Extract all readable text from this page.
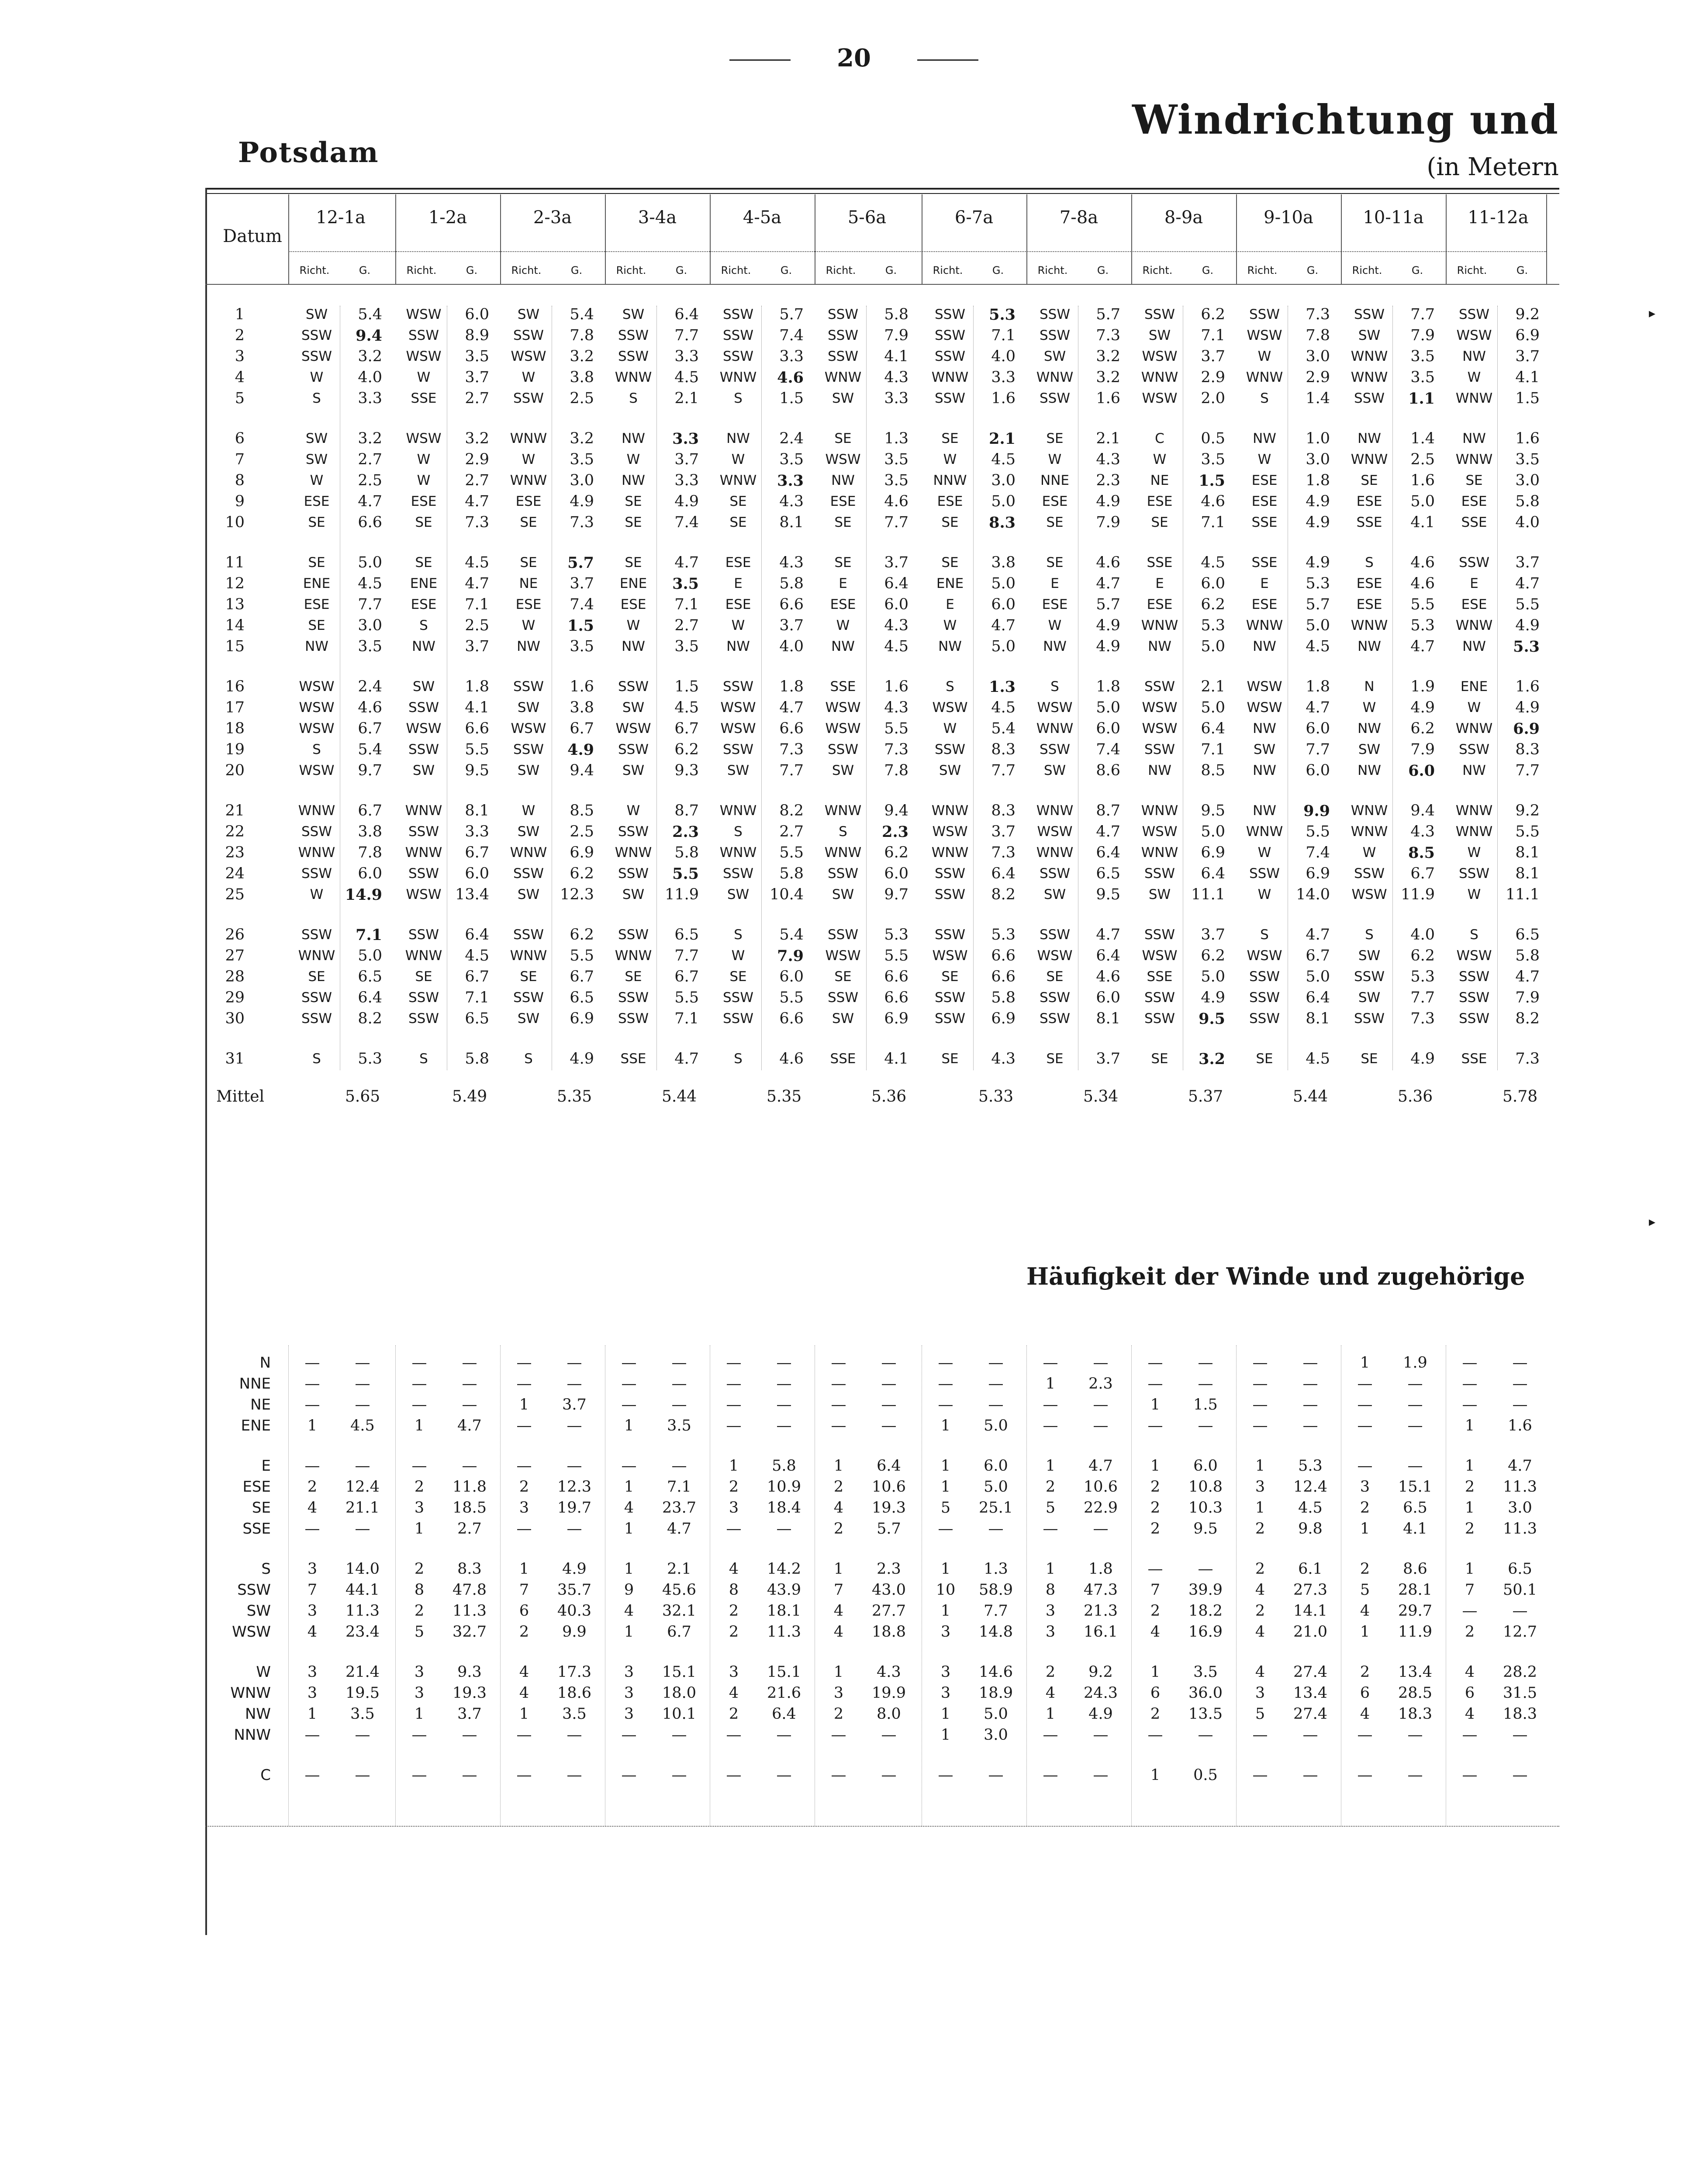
20
Potsdam
Windrichtung und
(in Metern
Datum
12-1a
Richt.	G.
1-2a
Richt.	G.
2-3a
Richt.	G.
3-4a
Richt.	G.
4-5a
Richt.	G.
5-6a
Richt.	G.
6-7a
Richt.	G.
7-8a
Richt.	G.
8-9a
Richt.	G.
9-10a
Richt.	G.
10-11a
Richt.	G.
11-12a
Richt.	G.
1	SW	5.4	WSW	6.0	SW	5.4	SW	6.4	SSW	5.7	SSW	5.8	SSW	5.3	SSW	5.7	SSW	6.2	SSW	7.3	SSW	7.7	SSW	9.2
2	SSW	9.4	SSW	8.9	SSW	7.8	SSW	7.7	SSW	7.4	SSW	7.9	SSW	7.1	SSW	7.3	SW	7.1	WSW	7.8	SW	7.9	WSW	6.9
3	SSW	3.2	WSW	3.5	WSW	3.2	SSW	3.3	SSW	3.3	SSW	4.1	SSW	4.0	SW	3.2	WSW	3.7	W	3.0	WNW	3.5	NW	3.7
4	W	4.0	W	3.7	W	3.8	WNW	4.5	WNW	4.6	WNW	4.3	WNW	3.3	WNW	3.2	WNW	2.9	WNW	2.9	WNW	3.5	W	4.1
5	S	3.3	SSE	2.7	SSW	2.5	S	2.1	S	1.5	SW	3.3	SSW	1.6	SSW	1.6	WSW	2.0	S	1.4	SSW	1.1	WNW	1.5
6	SW	3.2	WSW	3.2	WNW	3.2	NW	3.3	NW	2.4	SE	1.3	SE	2.1	SE	2.1	C	0.5	NW	1.0	NW	1.4	NW	1.6
7	SW	2.7	W	2.9	W	3.5	W	3.7	W	3.5	WSW	3.5	W	4.5	W	4.3	W	3.5	W	3.0	WNW	2.5	WNW	3.5
8	W	2.5	W	2.7	WNW	3.0	NW	3.3	WNW	3.3	NW	3.5	NNW	3.0	NNE	2.3	NE	1.5	ESE	1.8	SE	1.6	SE	3.0
9	ESE	4.7	ESE	4.7	ESE	4.9	SE	4.9	SE	4.3	ESE	4.6	ESE	5.0	ESE	4.9	ESE	4.6	ESE	4.9	ESE	5.0	ESE	5.8
10	SE	6.6	SE	7.3	SE	7.3	SE	7.4	SE	8.1	SE	7.7	SE	8.3	SE	7.9	SE	7.1	SSE	4.9	SSE	4.1	SSE	4.0
11	SE	5.0	SE	4.5	SE	5.7	SE	4.7	ESE	4.3	SE	3.7	SE	3.8	SE	4.6	SSE	4.5	SSE	4.9	S	4.6	SSW	3.7
12	ENE	4.5	ENE	4.7	NE	3.7	ENE	3.5	E	5.8	E	6.4	ENE	5.0	E	4.7	E	6.0	E	5.3	ESE	4.6	E	4.7
13	ESE	7.7	ESE	7.1	ESE	7.4	ESE	7.1	ESE	6.6	ESE	6.0	E	6.0	ESE	5.7	ESE	6.2	ESE	5.7	ESE	5.5	ESE	5.5
14	SE	3.0	S	2.5	W	1.5	W	2.7	W	3.7	W	4.3	W	4.7	W	4.9	WNW	5.3	WNW	5.0	WNW	5.3	WNW	4.9
15	NW	3.5	NW	3.7	NW	3.5	NW	3.5	NW	4.0	NW	4.5	NW	5.0	NW	4.9	NW	5.0	NW	4.5	NW	4.7	NW	5.3
16	WSW	2.4	SW	1.8	SSW	1.6	SSW	1.5	SSW	1.8	SSE	1.6	S	1.3	S	1.8	SSW	2.1	WSW	1.8	N	1.9	ENE	1.6
17	WSW	4.6	SSW	4.1	SW	3.8	SW	4.5	WSW	4.7	WSW	4.3	WSW	4.5	WSW	5.0	WSW	5.0	WSW	4.7	W	4.9	W	4.9
18	WSW	6.7	WSW	6.6	WSW	6.7	WSW	6.7	WSW	6.6	WSW	5.5	W	5.4	WNW	6.0	WSW	6.4	NW	6.0	NW	6.2	WNW	6.9
19	S	5.4	SSW	5.5	SSW	4.9	SSW	6.2	SSW	7.3	SSW	7.3	SSW	8.3	SSW	7.4	SSW	7.1	SW	7.7	SW	7.9	SSW	8.3
20	WSW	9.7	SW	9.5	SW	9.4	SW	9.3	SW	7.7	SW	7.8	SW	7.7	SW	8.6	NW	8.5	NW	6.0	NW	6.0	NW	7.7
21	WNW	6.7	WNW	8.1	W	8.5	W	8.7	WNW	8.2	WNW	9.4	WNW	8.3	WNW	8.7	WNW	9.5	NW	9.9	WNW	9.4	WNW	9.2
22	SSW	3.8	SSW	3.3	SW	2.5	SSW	2.3	S	2.7	S	2.3	WSW	3.7	WSW	4.7	WSW	5.0	WNW	5.5	WNW	4.3	WNW	5.5
23	WNW	7.8	WNW	6.7	WNW	6.9	WNW	5.8	WNW	5.5	WNW	6.2	WNW	7.3	WNW	6.4	WNW	6.9	W	7.4	W	8.5	W	8.1
24	SSW	6.0	SSW	6.0	SSW	6.2	SSW	5.5	SSW	5.8	SSW	6.0	SSW	6.4	SSW	6.5	SSW	6.4	SSW	6.9	SSW	6.7	SSW	8.1
25	W	14.9	WSW 13.4	SW	12.3	SW	11.9	SW	10.4	SW	9.7	SSW	8.2	SW	9.5	SW	11.1	W	14.0	WSW 11.9	W	11.1
26	SSW	7.1	SSW	6.4	SSW	6.2	SSW	6.5	S	5.4	SSW	5.3	SSW	5.3	SSW	4.7	SSW	3.7	S	4.7	S	4.0	S	6.5
27	WNW	5.0	WNW	4.5	WNW	5.5	WNW	7.7	W	7.9	WSW	5.5	WSW	6.6	WSW	6.4	WSW	6.2	WSW	6.7	SW	6.2	WSW	5.8
28	SE	6.5	SE	6.7	SE	6.7	SE	6.7	SE	6.0	SE	6.6	SE	6.6	SE	4.6	SSE	5.0	SSW	5.0	SSW	5.3	SSW	4.7
29	SSW	6.4	SSW	7.1	SSW	6.5	SSW	5.5	SSW	5.5	SSW	6.6	SSW	5.8	SSW	6.0	SSW	4.9	SSW	6.4	SW	7.7	SSW	7.9
30	SSW	8.2	SSW	6.5	SW	6.9	SSW	7.1	SSW	6.6	SW	6.9	SSW	6.9	SSW	8.1	SSW	9.5	SSW	8.1	SSW	7.3	SSW	8.2
31	S	5.3	S	5.8	S	4.9	SSE	4.7	S	4.6	SSE	4.1	SE	4.3	SE	3.7	SE	3.2	SE	4.5	SE	4.9	SSE	7.3
Mittel	5.65	5.49	5.35	5.44	5.35	5.36	5.33	5.34	5.37	5.44	5.36	5.78
Häufigkeit der Winde und zugehörige
N	—	—	—	—	—	—	—	—	—	—	—	—	—	—	—	—	—	—	—	—	1	1.9	—	—
NNE	—	—	—	—	—	—	—	—	—	—	—	—	—	—	1	2.3	—	—	—	—	—	—	—	—
NE	—	—	—	—	1	3.7	—	—	—	—	—	—	—	—	—	—	1	1.5	—	—	—	—	—	—
ENE	1	4.5	1	4.7	—	—	1	3.5	—	—	—	—	1	5.0	—	—	—	—	—	—	—	—	1	1.6
E	—	—	—	—	—	—	—	—	1	5.8	1	6.4	1	6.0	1	4.7	1	6.0	1	5.3	—	—	1	4.7
ESE	2	12.4	2	11.8	2	12.3	1	7.1	2	10.9	2	10.6	1	5.0	2	10.6	2	10.8	3	12.4	3	15.1	2	11.3
SE	4	21.1	3	18.5	3	19.7	4	23.7	3	18.4	4	19.3	5	25.1	5	22.9	2	10.3	1	4.5	2	6.5	1	3.0
SSE	—	—	1	2.7	—	—	1	4.7	—	—	2	5.7	—	—	—	—	2	9.5	2	9.8	1	4.1	2	11.3
S	3	14.0	2	8.3	1	4.9	1	2.1	4	14.2	1	2.3	1	1.3	1	1.8	—	—	2	6.1	2	8.6	1	6.5
SSW	7	44.1	8	47.8	7	35.7	9	45.6	8	43.9	7	43.0	10	58.9	8	47.3	7	39.9	4	27.3	5	28.1	7	50.1
SW	3	11.3	2	11.3	6	40.3	4	32.1	2	18.1	4	27.7	1	7.7	3	21.3	2	18.2	2	14.1	4	29.7	—	—
WSW	4	23.4	5	32.7	2	9.9	1	6.7	2	11.3	4	18.8	3	14.8	3	16.1	4	16.9	4	21.0	1	11.9	2	12.7
W	3	21.4	3	9.3	4	17.3	3	15.1	3	15.1	1	4.3	3	14.6	2	9.2	1	3.5	4	27.4	2	13.4	4	28.2
WNW	3	19.5	3	19.3	4	18.6	3	18.0	4	21.6	3	19.9	3	18.9	4	24.3	6	36.0	3	13.4	6	28.5	6	31.5
NW	1	3.5	1	3.7	1	3.5	3	10.1	2	6.4	2	8.0	1	5.0	1	4.9	2	13.5	5	27.4	4	18.3	4	18.3
NNW	—	—	—	—	—	—	—	—	—	—	—	—	1	3.0	—	—	—	—	—	—	—	—	—	—
C	—	—	—	—	—	—	—	—	—	—	—	—	—	—	—	—	1	0.5	—	—	—	—	—	—
▸
▸
